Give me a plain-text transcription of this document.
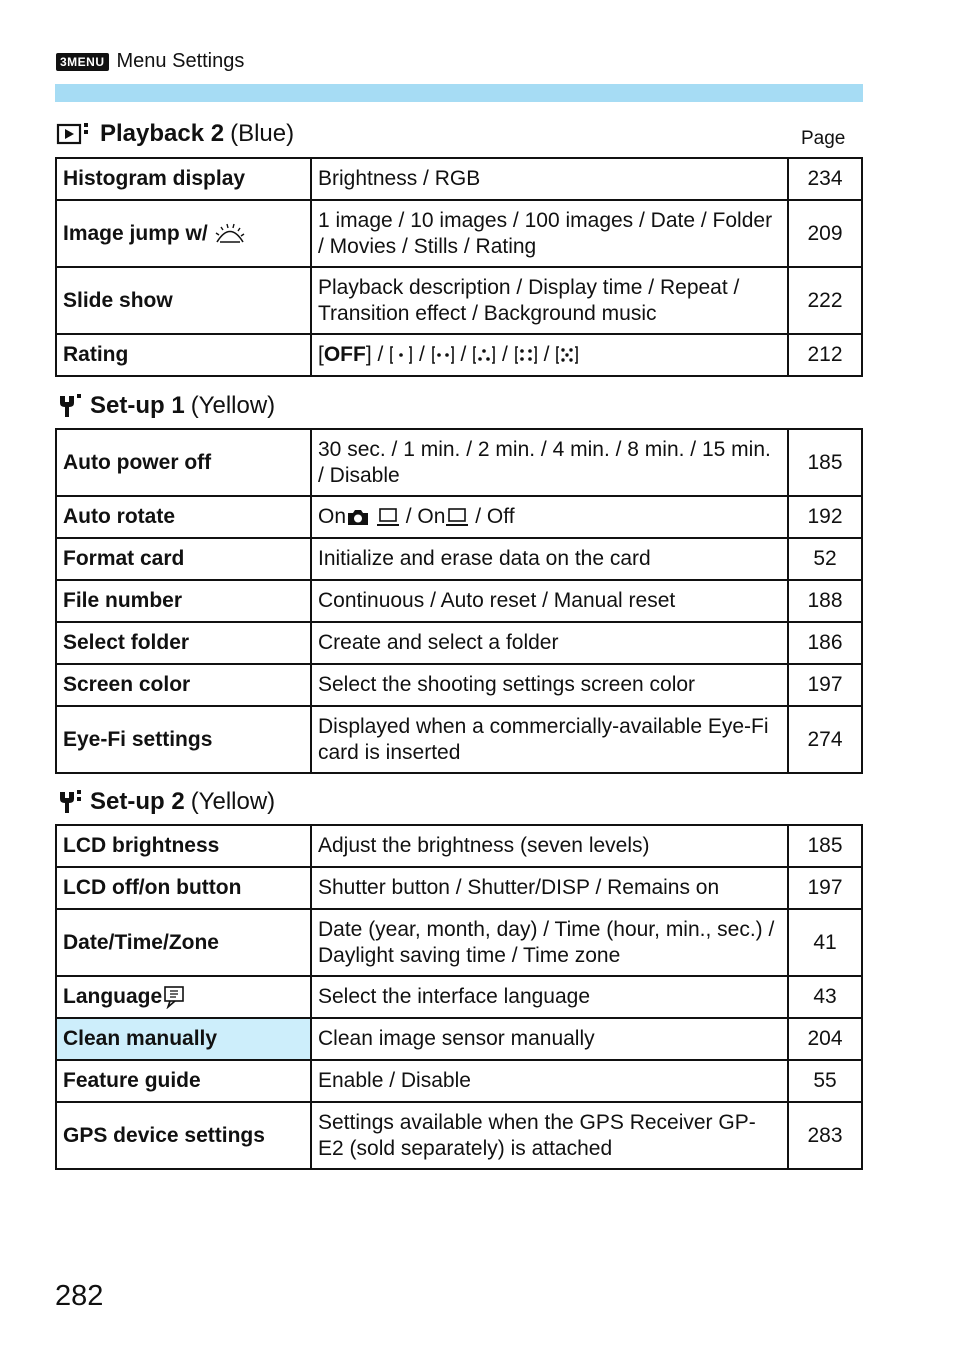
3MENU Menu Settings
Playback 2 (Blue)	Page
Histogram display	Brightness / RGB	234
Image jump w/	1 image / 10 images / 100 images / Date / Folder / Movies / Stills / Rating	209
Slide show	Playback description / Display time / Repeat / Transition effect / Background music	222
Rating	[OFF] /  /  /  /  /	212
Set-up 1 (Yellow)
Auto power off	30 sec. / 1 min. / 2 min. / 4 min. / 8 min. / 15 min. / Disable	185
Auto rotate	On / On / Off	192
Format card	Initialize and erase data on the card	52
File number	Continuous / Auto reset / Manual reset	188
Select folder	Create and select a folder	186
Screen color	Select the shooting settings screen color	197
Eye-Fi settings	Displayed when a commercially-available Eye-Fi card is inserted	274
Set-up 2 (Yellow)
LCD brightness	Adjust the brightness (seven levels)	185
LCD off/on button	Shutter button / Shutter/DISP / Remains on	197
Date/Time/Zone	Date (year, month, day) / Time (hour, min., sec.) / Daylight saving time / Time zone	41
Language	Select the interface language	43
Clean manually	Clean image sensor manually	204
Feature guide	Enable / Disable	55
GPS device settings	Settings available when the GPS Receiver GP-E2 (sold separately) is attached	283
282
